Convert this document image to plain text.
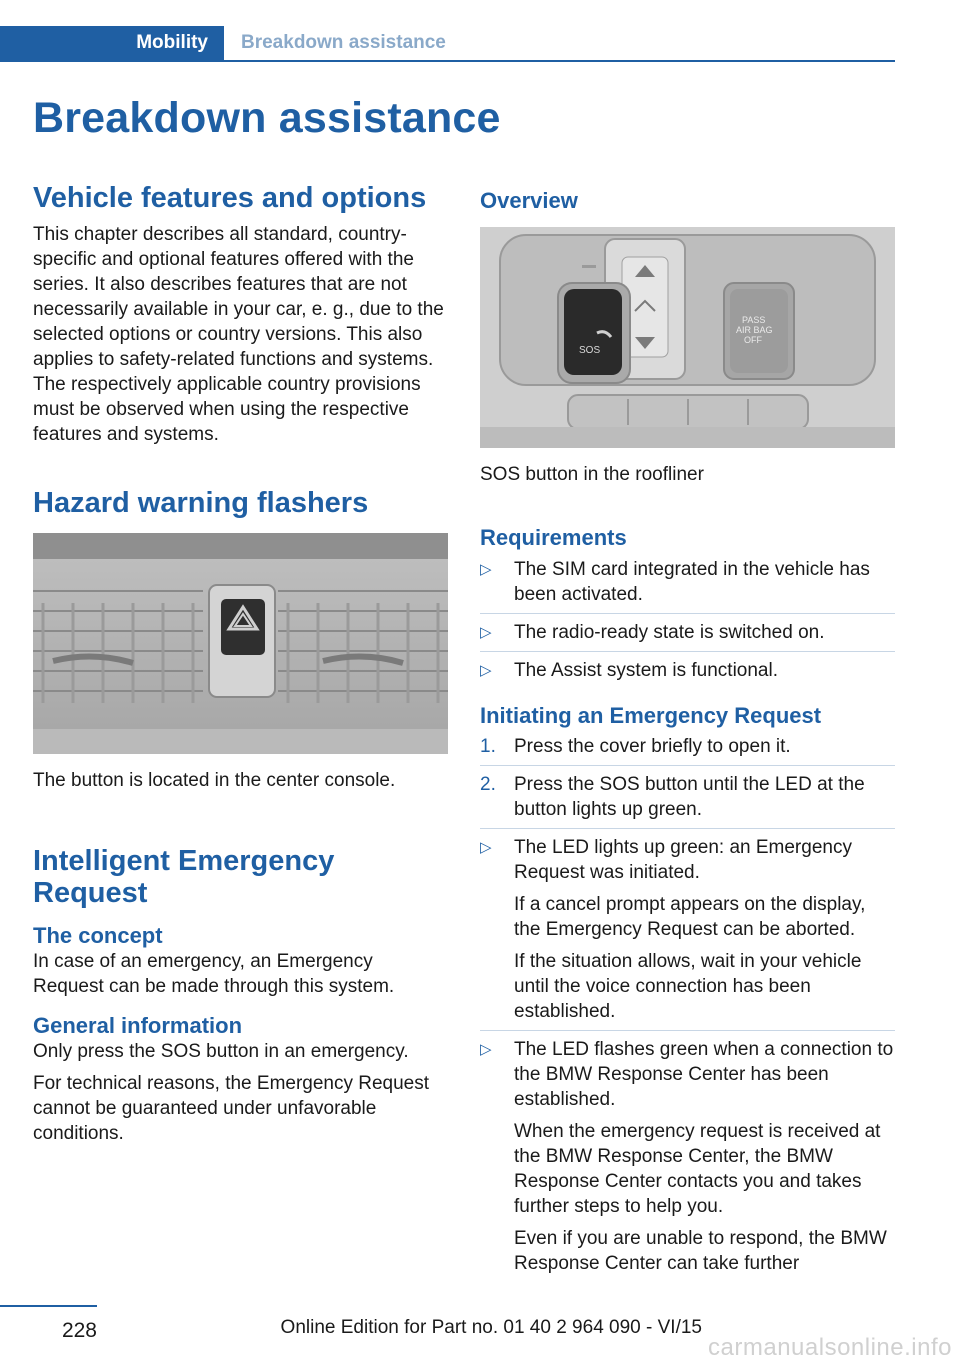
Mobility	Breakdown assistance
Breakdown assistance
Vehicle features and options

This chapter describes all standard, country-specific and optional features offered with the series. It also describes features that are not necessarily available in your car, e. g., due to the selected options or country versions. This also applies to safety-related functions and systems. The respectively applicable country provisions must be observed when using the respective features and systems.

Hazard warning flashers

The button is located in the center console.

Intelligent Emergency Request
The concept

In case of an emergency, an Emergency Request can be made through this system.

General information

Only press the SOS button in an emergency.

For technical reasons, the Emergency Request cannot be guaranteed under unfavorable conditions.

Overview
SOS
PASS
AIR BAG
OFF

SOS button in the roofliner

Requirements
▷ The SIM card integrated in the vehicle has been activated.
▷ The radio-ready state is switched on.
▷ The Assist system is functional.
Initiating an Emergency Request
1. Press the cover briefly to open it.
2. Press the SOS button until the LED at the button lights up green.
▷ The LED lights up green: an Emergency Request was initiated.
If a cancel prompt appears on the display, the Emergency Request can be aborted.
If the situation allows, wait in your vehicle until the voice connection has been established.
▷ The LED flashes green when a connection to the BMW Response Center has been established.
When the emergency request is received at the BMW Response Center, the BMW Response Center contacts you and takes further steps to help you.
Even if you are unable to respond, the BMW Response Center can take further
228	Online Edition for Part no. 01 40 2 964 090 - VI/15
carmanualsonline.info
